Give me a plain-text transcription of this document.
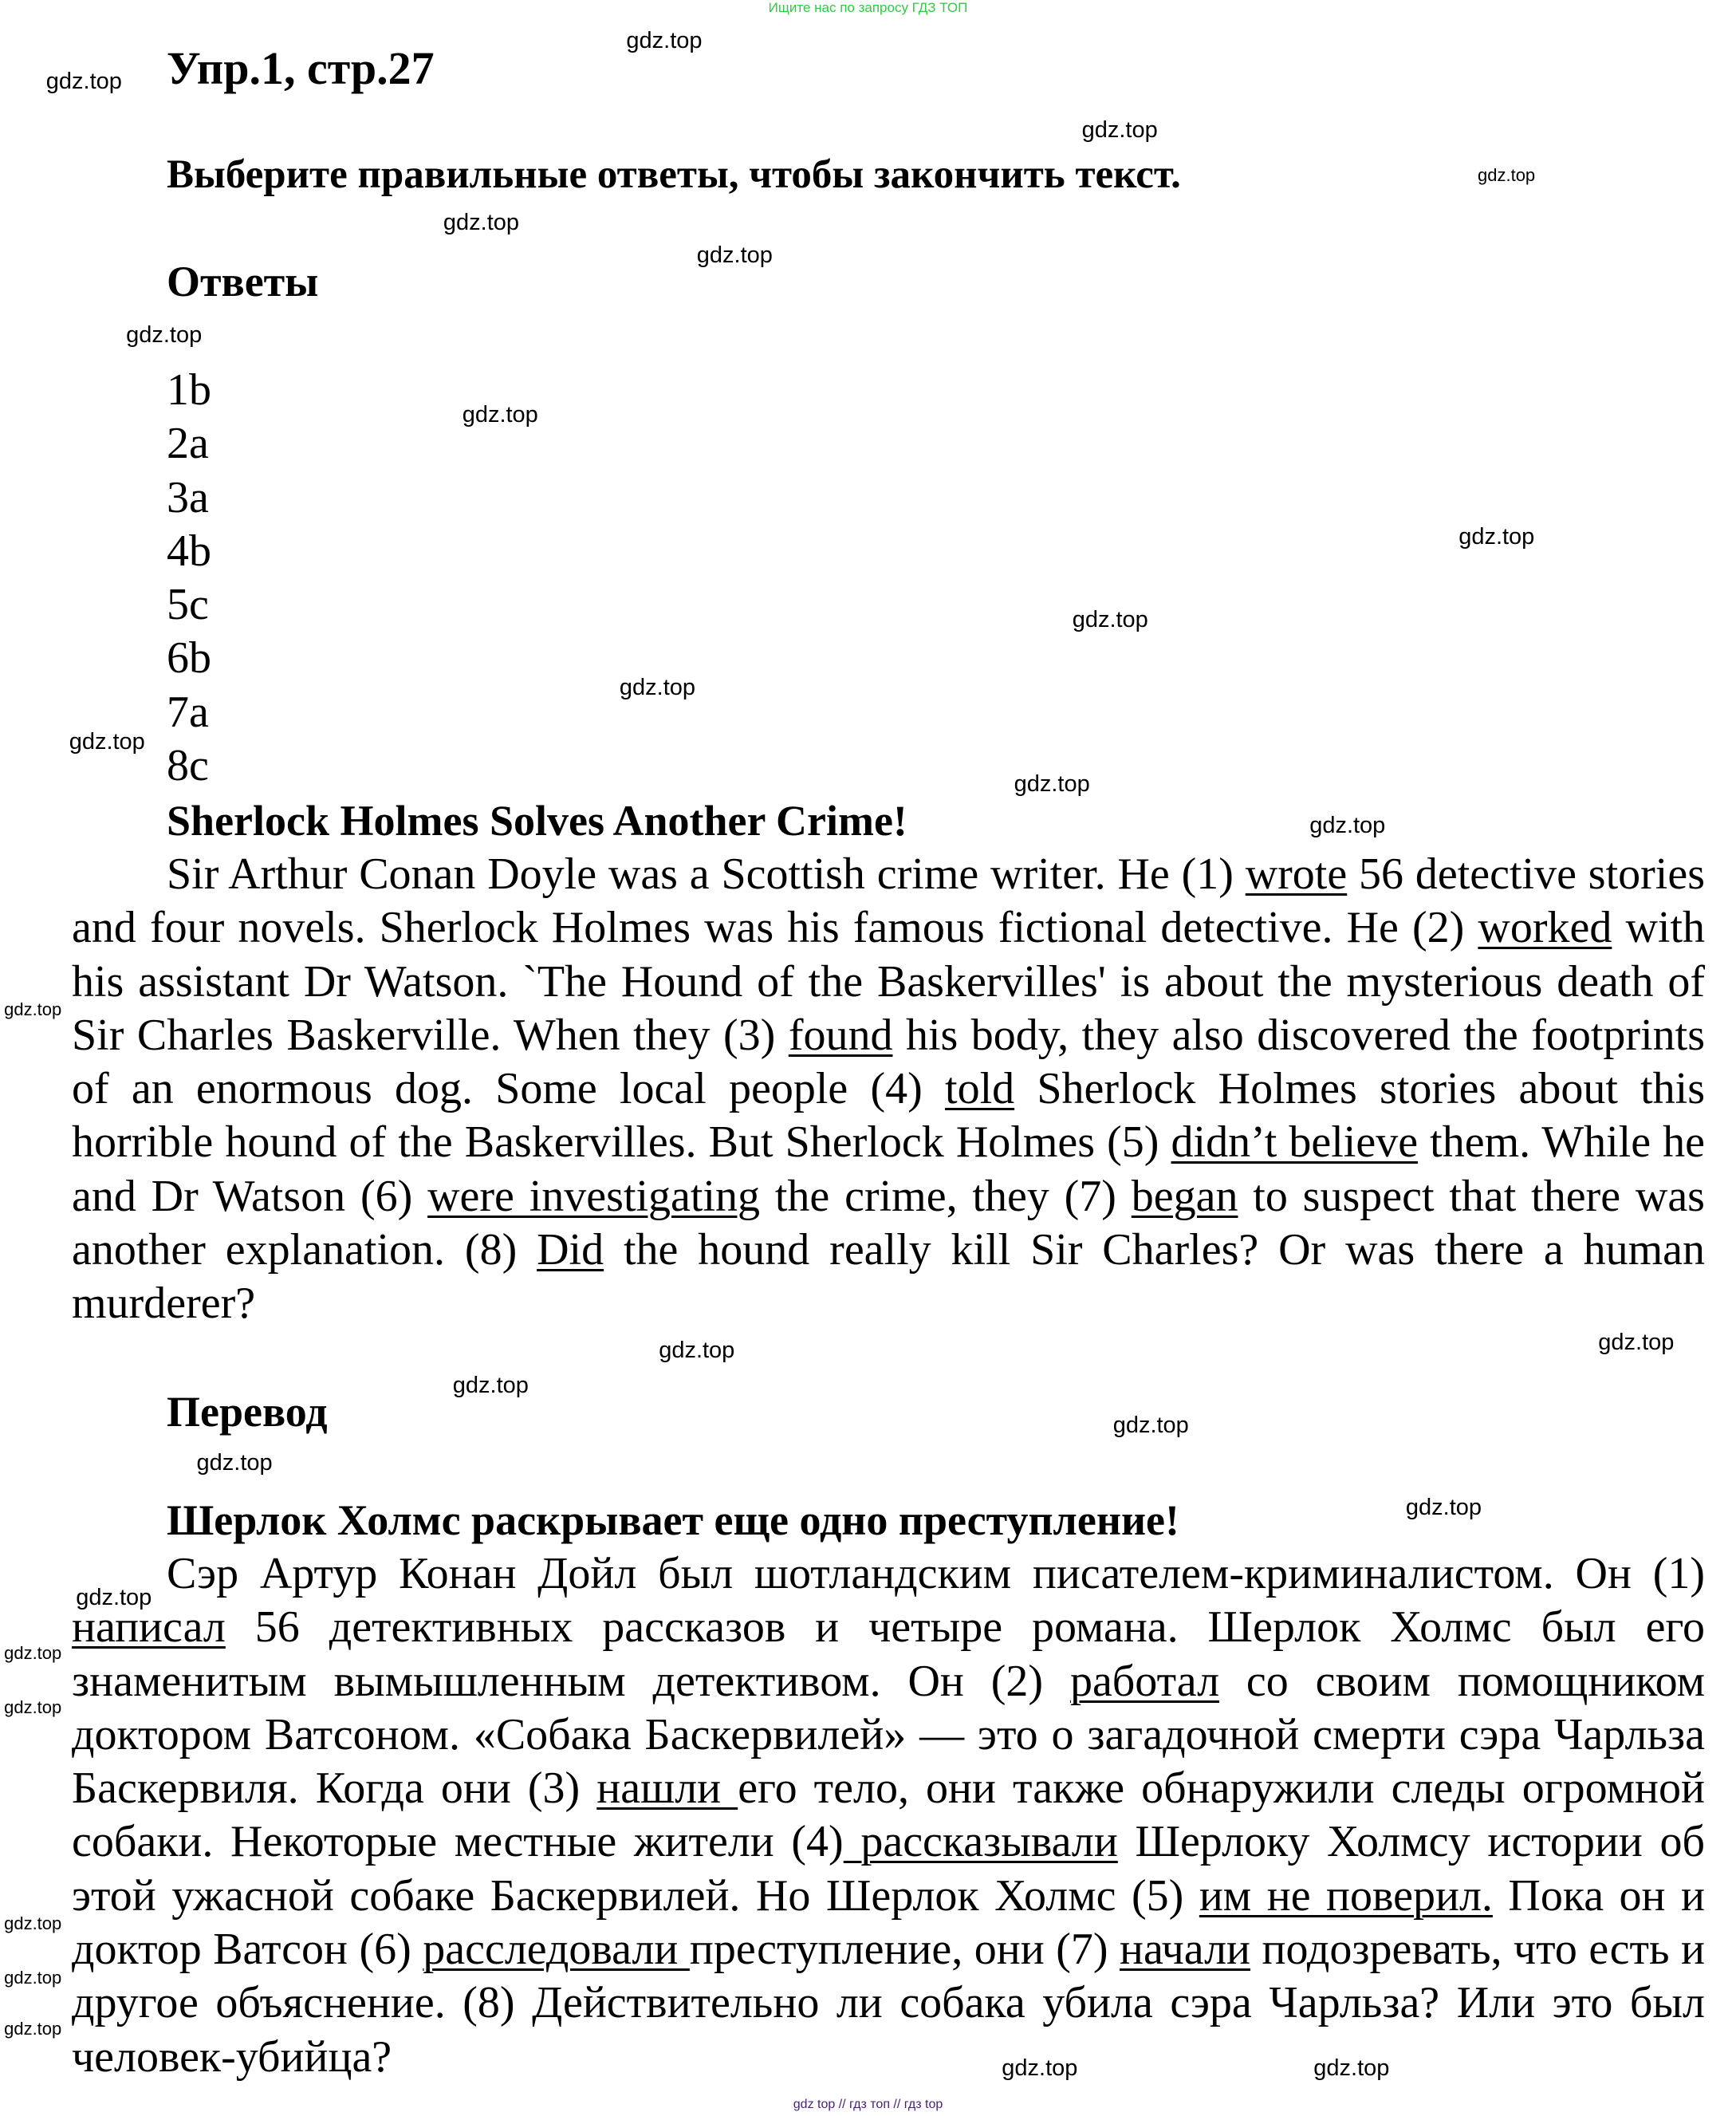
Ищите нас по запросу ГДЗ ТОП
Упр.1, стр.27
Выберите правильные ответы, чтобы закончить текст.
Ответы
1b
2a
3a
4b
5c
6b
7a
8c
Sherlock Holmes Solves Another Crime!
Sir Arthur Conan Doyle was a Scottish crime writer. He (1) wrote 56 detective stories and four novels. Sherlock Holmes was his famous fictional detective. He (2) worked with his assistant Dr Watson. `The Hound of the Baskervilles' is about the mysterious death of Sir Charles Baskerville. When they (3) found his body, they also discovered the footprints of an enormous dog. Some local people (4) told Sherlock Holmes stories about this horrible hound of the Baskervilles. But Sherlock Holmes (5) didn’t believe them. While he and Dr Watson (6) were investigating the crime, they (7) began to suspect that there was another explanation. (8) Did the hound really kill Sir Charles? Or was there a human murderer?
Перевод
Шерлок Холмс раскрывает еще одно преступление!
Сэр Артур Конан Дойл был шотландским писателем-криминалистом. Он (1) написал 56 детективных рассказов и четыре романа. Шерлок Холмс был его знаменитым вымышленным детективом. Он (2) работал со своим помощником доктором Ватсоном. «Собака Баскервилей» — это о загадочной смерти сэра Чарльза Баскервиля. Когда они (3) нашли его тело, они также обнаружили следы огромной собаки. Некоторые местные жители (4) рассказывали Шерлоку Холмсу истории об этой ужасной собаке Баскервилей. Но Шерлок Холмс (5) им не поверил. Пока он и доктор Ватсон (6) расследовали преступление, они (7) начали подозревать, что есть и другое объяснение. (8) Действительно ли собака убила сэра Чарльза? Или это был человек-убийца?
gdz.top
gdz.top
gdz.top
gdz.top
gdz.top
gdz.top
gdz.top
gdz.top
gdz.top
gdz.top
gdz.top
gdz.top
gdz.top
gdz.top
gdz.top
gdz.top
gdz.top
gdz.top
gdz.top
gdz.top
gdz.top
gdz.top
gdz.top
gdz.top
gdz.top
gdz.top
gdz.top
gdz.top
gdz.top
gdz top // гдз топ // гдз top
